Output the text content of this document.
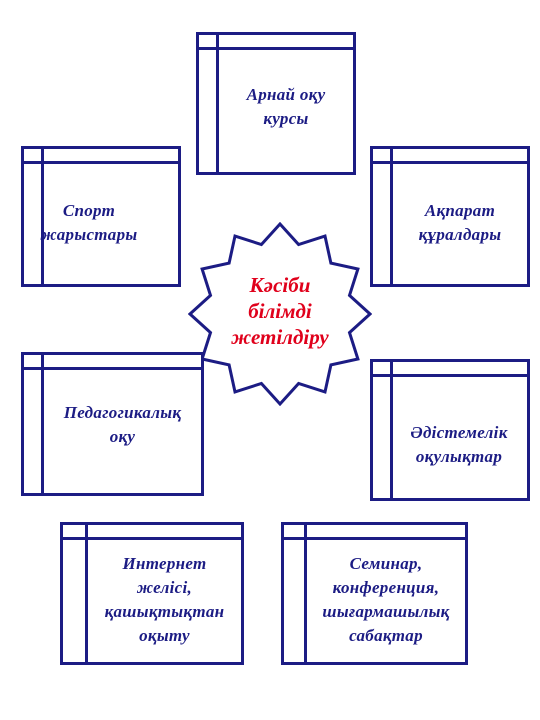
Арнай оқу
курсы
Спорт
жарыстары
Ақпарат
құралдары
Кәсіби
білімді
жетілдіру
Педагогикалық
оқу	Әдістемелік
оқулықтар
Интернет
желісі,
қашықтықтан
оқыту
Семинар,
конференция,
шығармашылық
сабақтар
